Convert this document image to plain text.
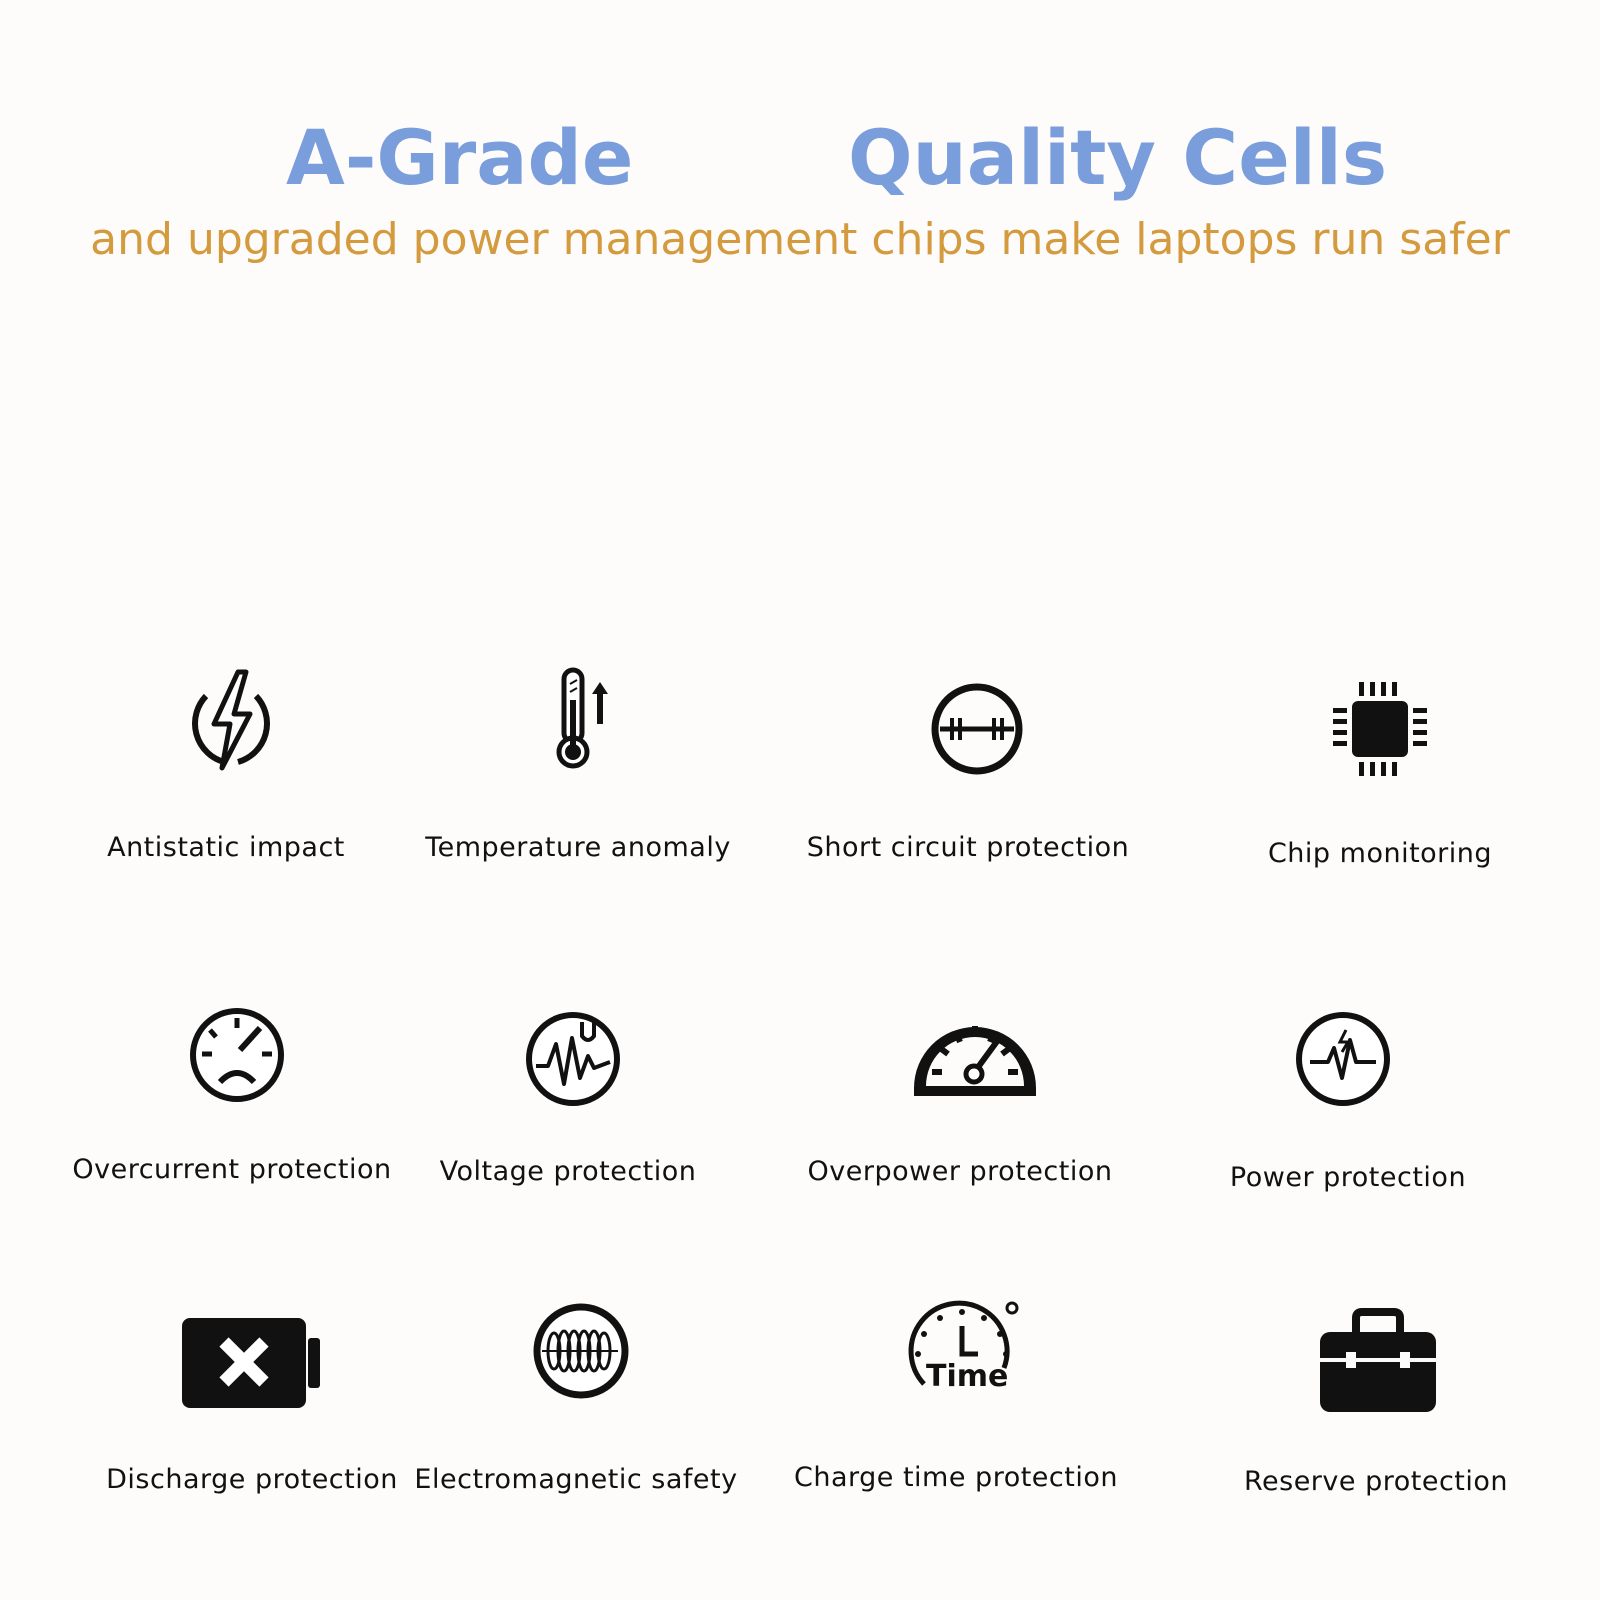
A-Grade	Quality Cells
and upgraded power management chips make laptops run safer
Antistatic impact	Temperature anomaly	Short circuit protection	Chip monitoring
Overcurrent protection	Voltage protection	Overpower protection	Power protection
Discharge protection Electromagnetic safety
Time
Charge time protection	Reserve protection
